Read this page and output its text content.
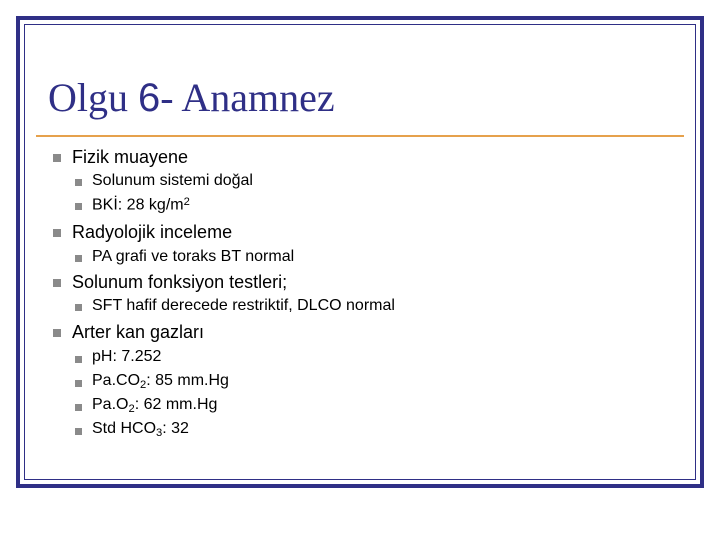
Olgu 6- Anamnez
Fizik muayene
Solunum sistemi doğal
BKİ: 28 $kg/m^2$
Radyolojik inceleme
PA grafi ve toraks BT normal
Solunum fonksiyon testleri;
SFT hafif derecede restriktif, DLCO normal
Arter kan gazları
pH: 7.252
$Pa.CO_2$: 85 mm.Hg
$Pa.O_2$: 62 mm.Hg
Std $HCO_3$: 32
